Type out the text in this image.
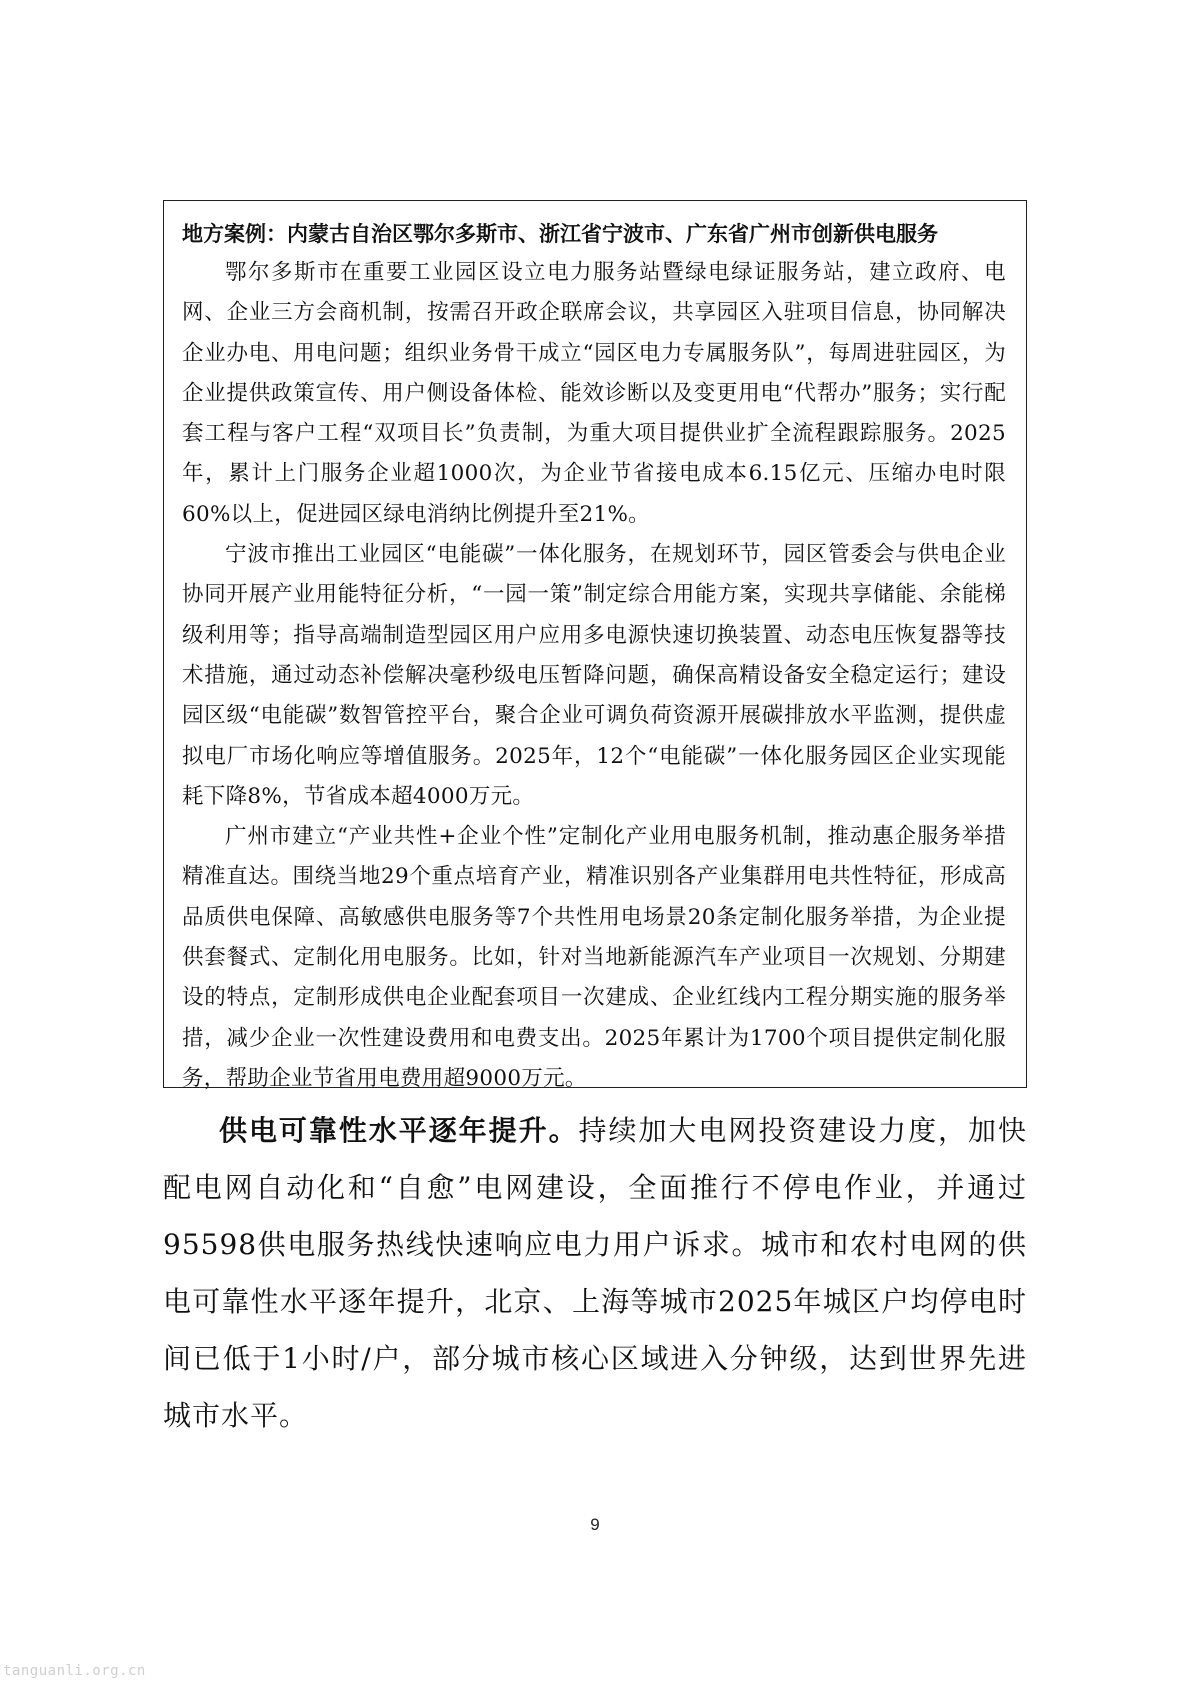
地方案例：内蒙古自治区鄂尔多斯市、浙江省宁波市、广东省广州市创新供电服务

鄂尔多斯市在重要工业园区设立电力服务站暨绿电绿证服务站，建立政府、电网、企业三方会商机制，按需召开政企联席会议，共享园区入驻项目信息，协同解决企业办电、用电问题；组织业务骨干成立“园区电力专属服务队”，每周进驻园区，为企业提供政策宣传、用户侧设备体检、能效诊断以及变更用电“代帮办”服务；实行配套工程与客户工程“双项目长”负责制，为重大项目提供业扩全流程跟踪服务。2025年，累计上门服务企业超1000次，为企业节省接电成本6.15亿元、压缩办电时限60%以上，促进园区绿电消纳比例提升至21%。

宁波市推出工业园区“电能碳”一体化服务，在规划环节，园区管委会与供电企业协同开展产业用能特征分析，“一园一策”制定综合用能方案，实现共享储能、余能梯级利用等；指导高端制造型园区用户应用多电源快速切换装置、动态电压恢复器等技术措施，通过动态补偿解决毫秒级电压暂降问题，确保高精设备安全稳定运行；建设园区级“电能碳”数智管控平台，聚合企业可调负荷资源开展碳排放水平监测，提供虚拟电厂市场化响应等增值服务。2025年，12个“电能碳”一体化服务园区企业实现能耗下降8%，节省成本超4000万元。

广州市建立“产业共性+企业个性”定制化产业用电服务机制，推动惠企服务举措精准直达。围绕当地29个重点培育产业，精准识别各产业集群用电共性特征，形成高品质供电保障、高敏感供电服务等7个共性用电场景20条定制化服务举措，为企业提供套餐式、定制化用电服务。比如，针对当地新能源汽车产业项目一次规划、分期建设的特点，定制形成供电企业配套项目一次建成、企业红线内工程分期实施的服务举措，减少企业一次性建设费用和电费支出。2025年累计为1700个项目提供定制化服务，帮助企业节省用电费用超9000万元。

供电可靠性水平逐年提升。持续加大电网投资建设力度，加快配电网自动化和“自愈”电网建设，全面推行不停电作业，并通过95598供电服务热线快速响应电力用户诉求。城市和农村电网的供电可靠性水平逐年提升，北京、上海等城市2025年城区户均停电时间已低于1小时/户，部分城市核心区域进入分钟级，达到世界先进城市水平。

9
tanguanli.org.cn
